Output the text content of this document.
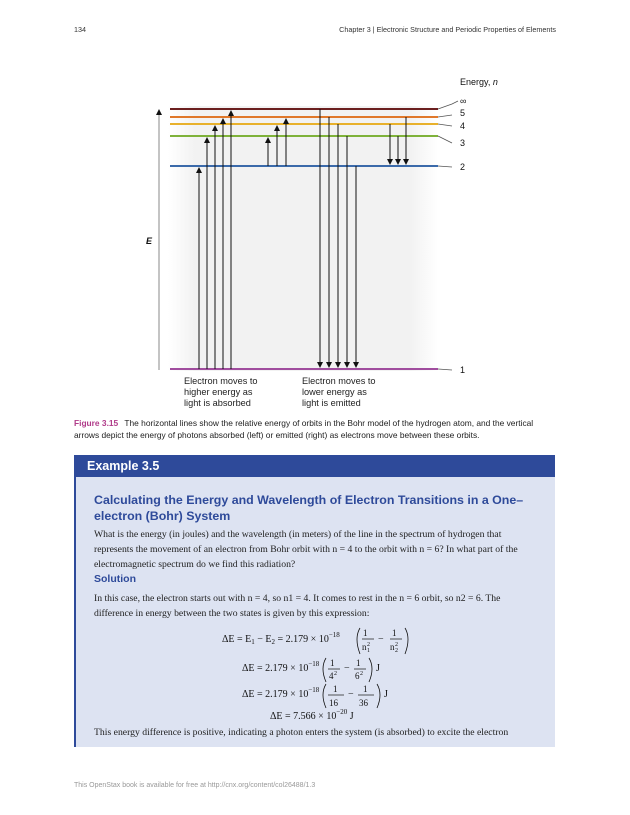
134	Chapter 3 | Electronic Structure and Periodic Properties of Elements
E
∞
5
4
3
2
1
Energy, n
Electron moves to
higher energy as
light is absorbed
Electron moves to
lower energy as
light is emitted
Figure 3.15 The horizontal lines show the relative energy of orbits in the Bohr model of the hydrogen atom, and the vertical arrows depict the energy of photons absorbed (left) or emitted (right) as electrons move between these orbits.
Example 3.5
Calculating the Energy and Wavelength of Electron Transitions in a One–electron (Bohr) System
What is the energy (in joules) and the wavelength (in meters) of the line in the spectrum of hydrogen that represents the movement of an electron from Bohr orbit with n = 4 to the orbit with n = 6? In what part of the electromagnetic spectrum do we find this radiation?
Solution
In this case, the electron starts out with n = 4, so n1 = 4. It comes to rest in the n = 6 orbit, so n2 = 6. The difference in energy between the two states is given by this expression:
$\Delta E = E_1 - E_2 = 2.179 \times 10^{-18}$	1
n 1
2 −
1
n 2
2
$\Delta E = 2.179 \times 10^{-18}$ 1
4 2 − 1
6 2 J
$\Delta E = 2.179 \times 10^{-18}$ 1
16
− 1
36
J
$\Delta E = 7.566 \times 10^{-20}$ J
This energy difference is positive, indicating a photon enters the system (is absorbed) to excite the electron
This OpenStax book is available for free at http://cnx.org/content/col26488/1.3
